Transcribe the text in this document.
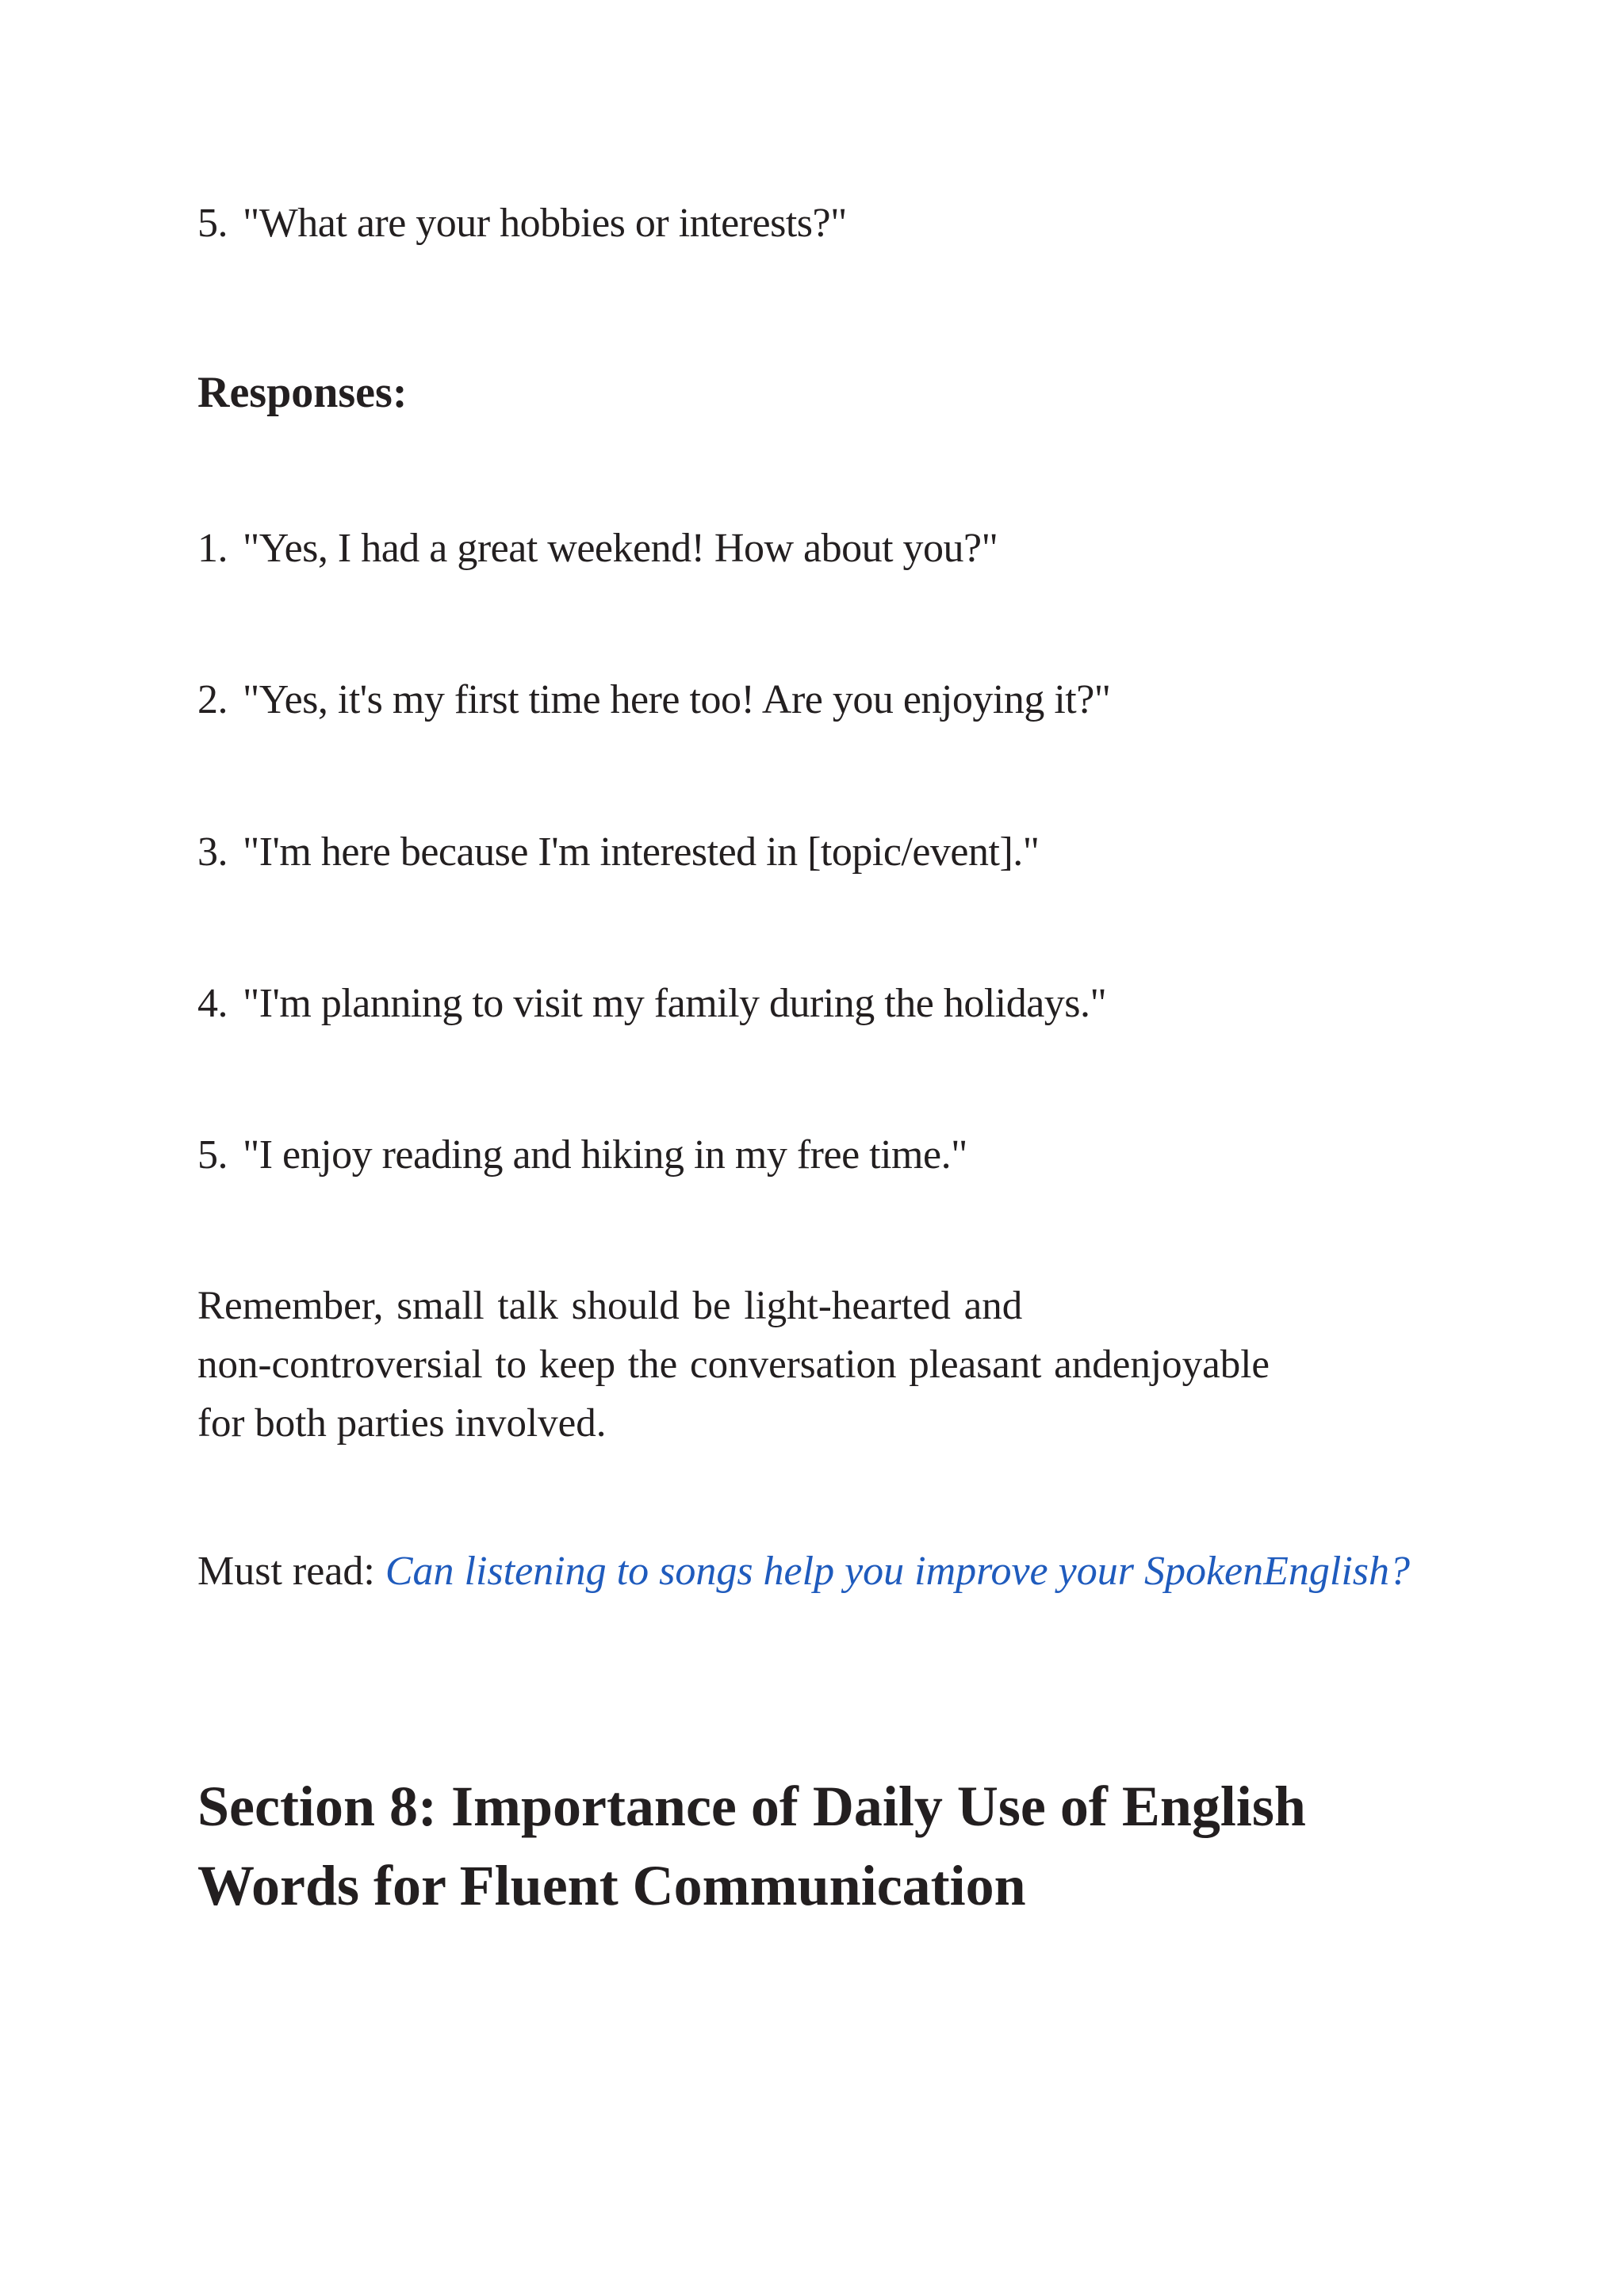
5. "What are your hobbies or interests?"
Responses:
1. "Yes, I had a great weekend! How about you?"
2. "Yes, it's my first time here too! Are you enjoying it?"
3. "I'm here because I'm interested in [topic/event]."
4. "I'm planning to visit my family during the holidays."
5. "I enjoy reading and hiking in my free time."
Remember, small talk should be light-hearted and
non-controversial to keep the conversation pleasant andenjoyable
for both parties involved.
Must read: Can listening to songs help you improve your SpokenEnglish?
Section 8: Importance of Daily Use of English
Words for Fluent Communication
